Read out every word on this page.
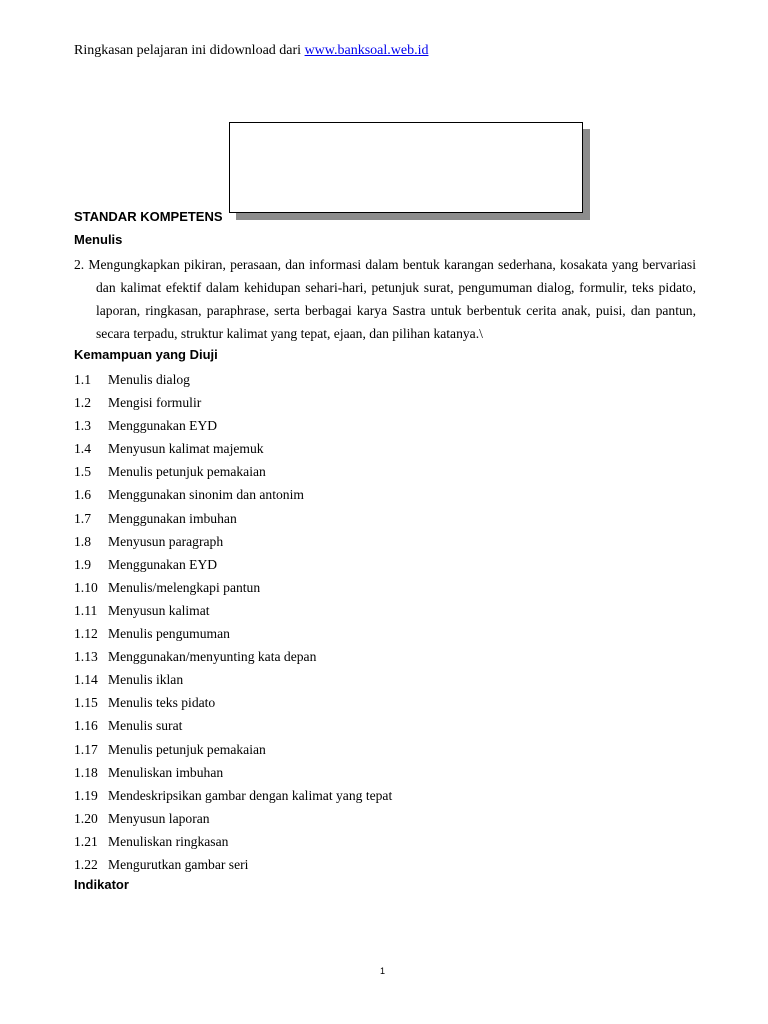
Ringkasan pelajaran ini didownload dari www.banksoal.web.id
STANDAR KOMPETENS
Menulis
2. Mengungkapkan pikiran, perasaan, dan informasi dalam bentuk karangan sederhana, kosakata yang bervariasi dan kalimat efektif dalam kehidupan sehari-hari, petunjuk surat, pengumuman dialog, formulir, teks pidato, laporan, ringkasan, paraphrase, serta berbagai karya Sastra untuk berbentuk cerita anak, puisi, dan pantun, secara terpadu, struktur kalimat yang tepat, ejaan, dan pilihan katanya.\
Kemampuan yang Diuji
1.1 Menulis dialog
1.2 Mengisi formulir
1.3 Menggunakan EYD
1.4 Menyusun kalimat majemuk
1.5 Menulis petunjuk pemakaian
1.6 Menggunakan sinonim dan antonim
1.7 Menggunakan imbuhan
1.8 Menyusun paragraph
1.9 Menggunakan EYD
1.10 Menulis/melengkapi pantun
1.11 Menyusun kalimat
1.12 Menulis pengumuman
1.13 Menggunakan/menyunting kata depan
1.14 Menulis iklan
1.15 Menulis teks pidato
1.16 Menulis surat
1.17 Menulis petunjuk pemakaian
1.18 Menuliskan imbuhan
1.19 Mendeskripsikan gambar dengan kalimat yang tepat
1.20 Menyusun laporan
1.21 Menuliskan ringkasan
1.22 Mengurutkan gambar seri
Indikator
1
